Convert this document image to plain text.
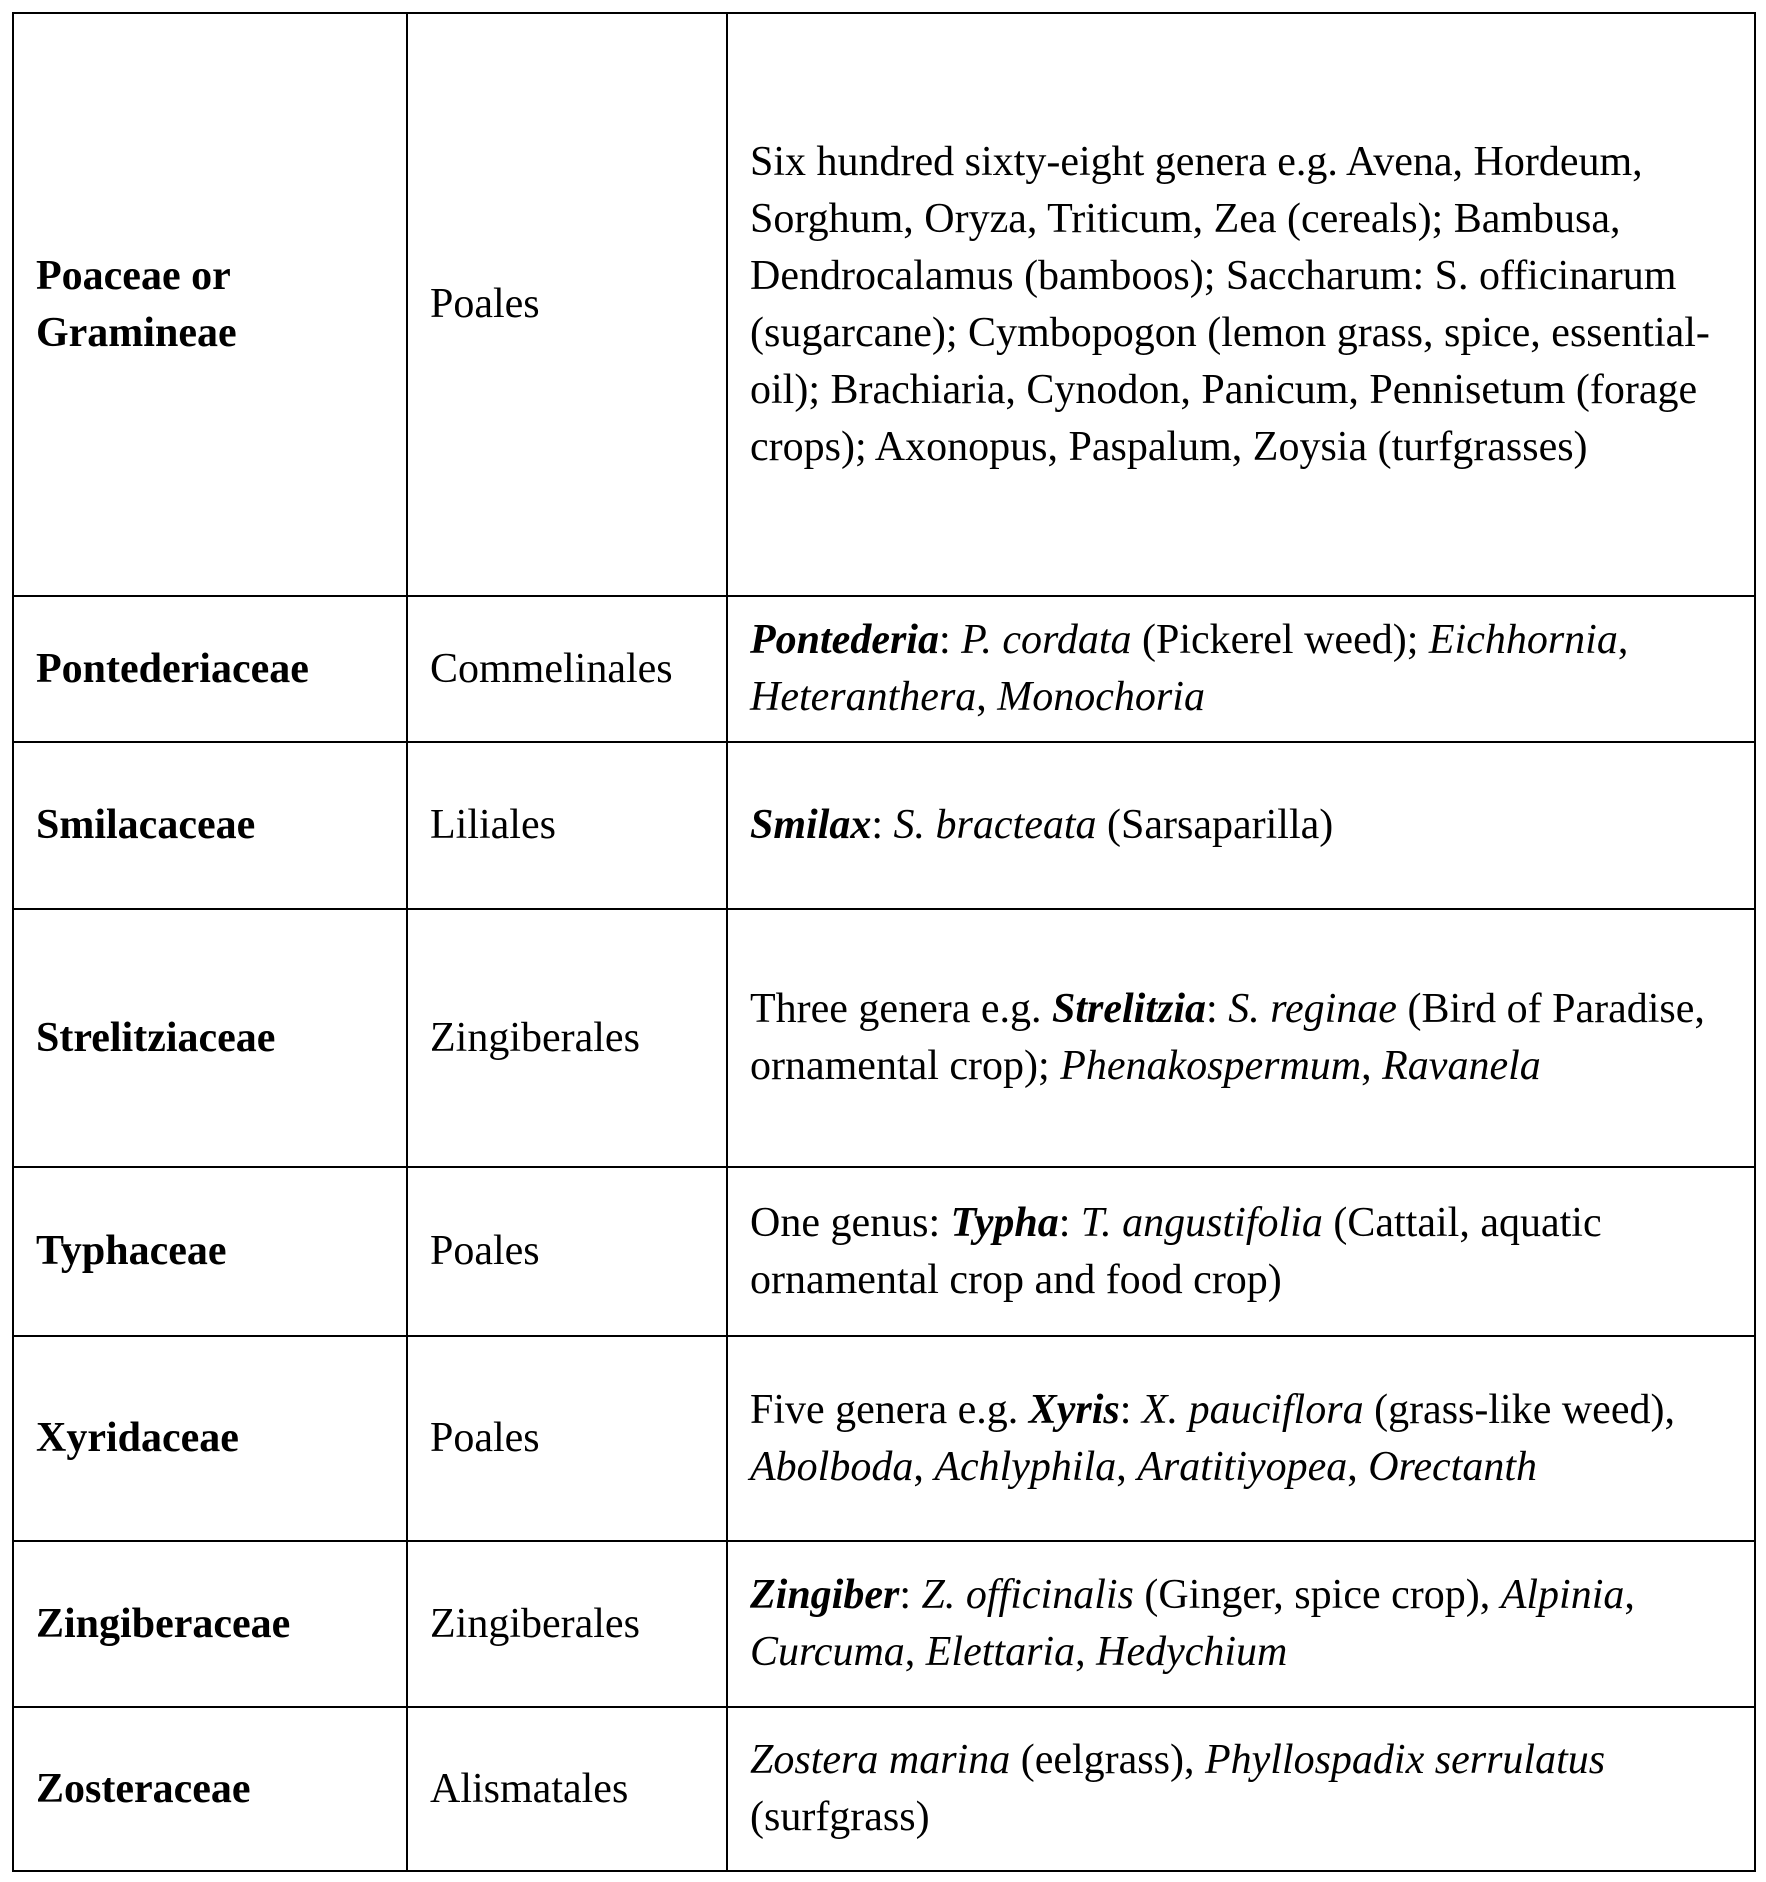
Poaceae or Gramineae	Poales	Six hundred sixty-eight genera e.g. Avena, Hordeum, Sorghum, Oryza, Triticum, Zea (cereals); Bambusa, Dendrocalamus (bamboos); Saccharum: S. officinarum (sugarcane); Cymbopogon (lemon grass, spice, essential-oil); Brachiaria, Cynodon, Panicum, Pennisetum (forage crops); Axonopus, Paspalum, Zoysia (turfgrasses)
Pontederiaceae	Commelinales	Pontederia: P. cordata (Pickerel weed); Eichhornia, Heteranthera, Monochoria
Smilacaceae	Liliales	Smilax: S. bracteata (Sarsaparilla)
Strelitziaceae	Zingiberales	Three genera e.g. Strelitzia: S. reginae (Bird of Paradise, ornamental crop); Phenakospermum, Ravanela
Typhaceae	Poales	One genus: Typha: T. angustifolia (Cattail, aquatic ornamental crop and food crop)
Xyridaceae	Poales	Five genera e.g. Xyris: X. pauciflora (grass-like weed), Abolboda, Achlyphila, Aratitiyopea, Orectanth
Zingiberaceae	Zingiberales	Zingiber: Z. officinalis (Ginger, spice crop), Alpinia, Curcuma, Elettaria, Hedychium
Zosteraceae	Alismatales	Zostera marina (eelgrass), Phyllospadix serrulatus (surfgrass)
